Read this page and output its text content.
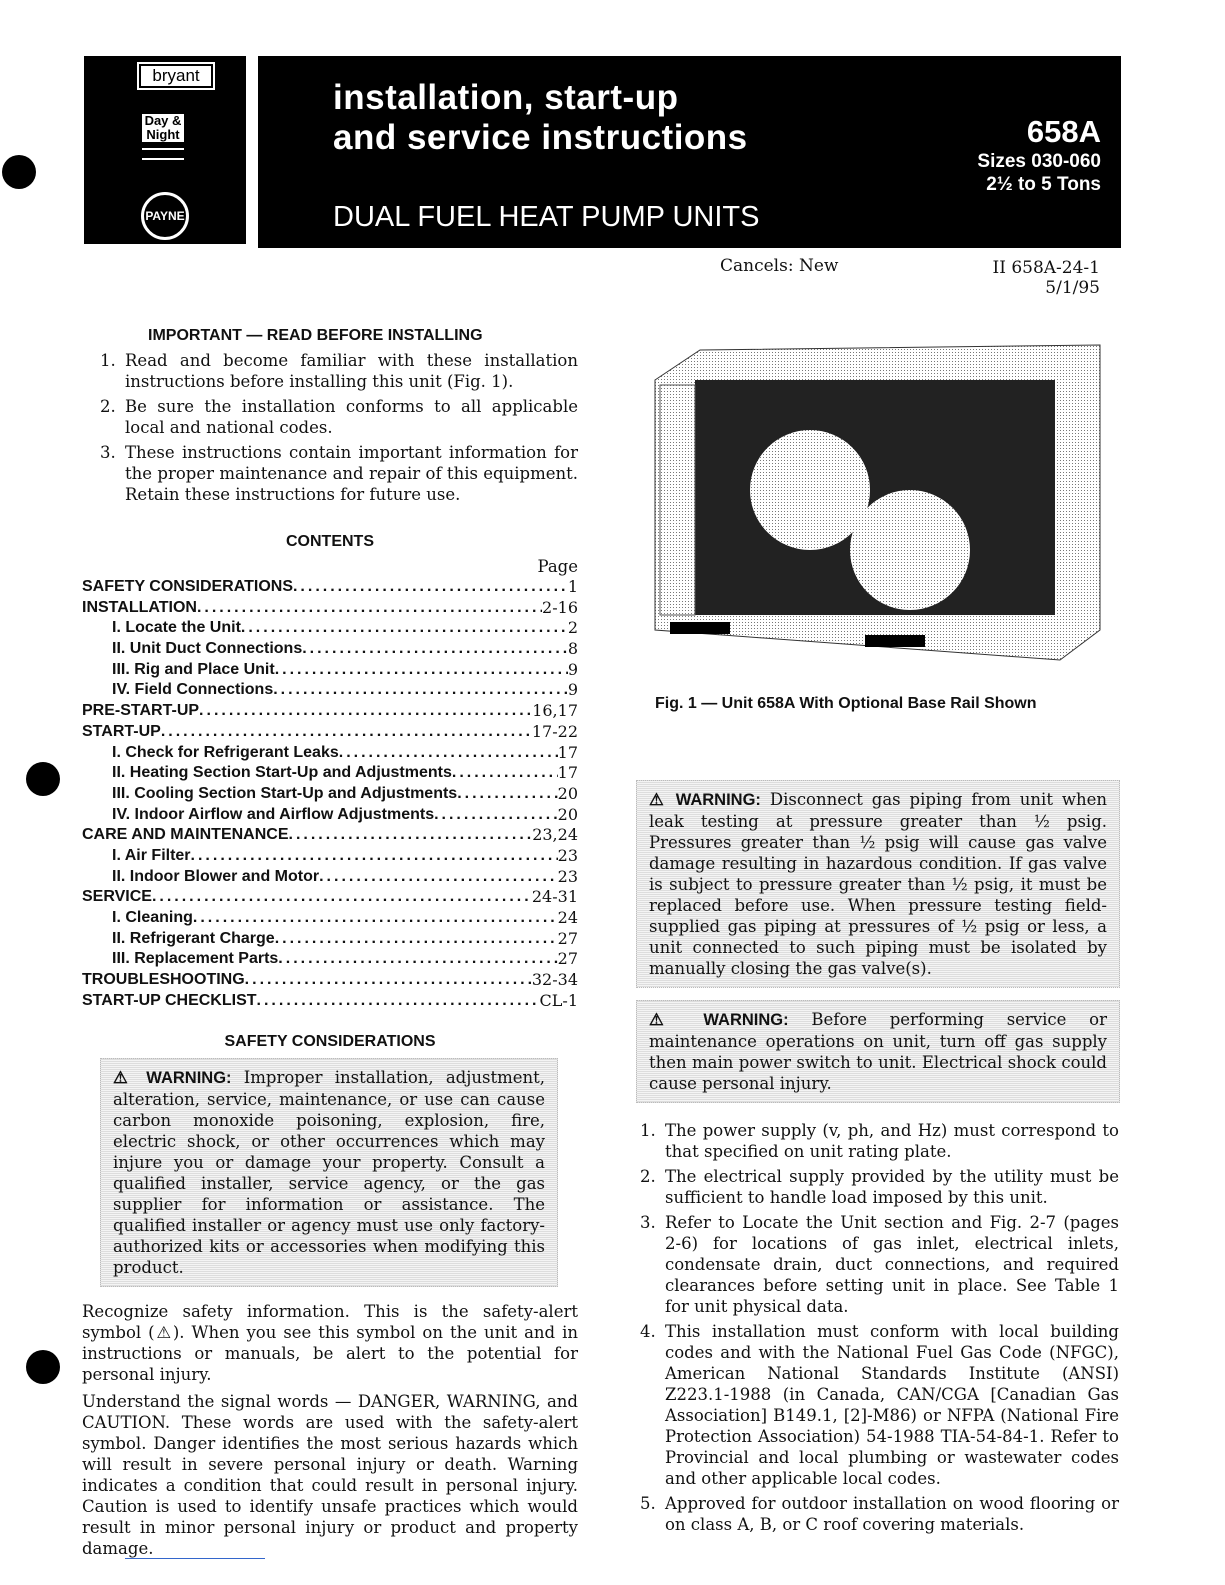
bryant
Day & Night
PAYNE
installation, start-up
and service instructions
DUAL FUEL HEAT PUMP UNITS
658A
Sizes 030-060
2½ to 5 Tons
Cancels: New	II 658A-24-1
5/1/95
IMPORTANT — READ BEFORE INSTALLING
1. Read and become familiar with these installation instructions before installing this unit (Fig. 1).
2. Be sure the installation conforms to all applicable local and national codes.
3. These instructions contain important information for the proper maintenance and repair of this equipment. Retain these instructions for future use.
CONTENTS
Page
SAFETY CONSIDERATIONS .....	1
INSTALLATION .....	2-16
I. Locate the Unit .....	2
II. Unit Duct Connections .....	8
III. Rig and Place Unit .....	9
IV. Field Connections .....	9
PRE-START-UP .....	16,17
START-UP .....	17-22
I. Check for Refrigerant Leaks .....	17
II. Heating Section Start-Up and Adjustments .....	17
III. Cooling Section Start-Up and Adjustments .....	20
IV. Indoor Airflow and Airflow Adjustments .....	20
CARE AND MAINTENANCE .....	23,24
I. Air Filter .....	23
II. Indoor Blower and Motor .....	23
SERVICE .....	24-31
I. Cleaning .....	24
II. Refrigerant Charge .....	27
III. Replacement Parts .....	27
TROUBLESHOOTING .....	32-34
START-UP CHECKLIST .....	CL-1
SAFETY CONSIDERATIONS
⚠ WARNING: Improper installation, adjustment, alteration, service, maintenance, or use can cause carbon monoxide poisoning, explosion, fire, electric shock, or other occurrences which may injure you or damage your property. Consult a qualified installer, service agency, or the gas supplier for information or assistance. The qualified installer or agency must use only factory-authorized kits or accessories when modifying this product.

Recognize safety information. This is the safety-alert symbol (⚠). When you see this symbol on the unit and in instructions or manuals, be alert to the potential for personal injury.

Understand the signal words — DANGER, WARNING, and CAUTION. These words are used with the safety-alert symbol. Danger identifies the most serious hazards which will result in severe personal injury or death. Warning indicates a condition that could result in personal injury. Caution is used to identify unsafe practices which would result in minor personal injury or product and property damage.

Fig. 1 — Unit 658A With Optional Base Rail Shown
⚠ WARNING: Disconnect gas piping from unit when leak testing at pressure greater than ½ psig. Pressures greater than ½ psig will cause gas valve damage resulting in hazardous condition. If gas valve is subject to pressure greater than ½ psig, it must be replaced before use. When pressure testing field-supplied gas piping at pressures of ½ psig or less, a unit connected to such piping must be isolated by manually closing the gas valve(s).
⚠ WARNING: Before performing service or maintenance operations on unit, turn off gas supply then main power switch to unit. Electrical shock could cause personal injury.
1. The power supply (v, ph, and Hz) must correspond to that specified on unit rating plate.
2. The electrical supply provided by the utility must be sufficient to handle load imposed by this unit.
3. Refer to Locate the Unit section and Fig. 2-7 (pages 2-6) for locations of gas inlet, electrical inlets, condensate drain, duct connections, and required clearances before setting unit in place. See Table 1 for unit physical data.
4. This installation must conform with local building codes and with the National Fuel Gas Code (NFGC), American National Standards Institute (ANSI) Z223.1-1988 (in Canada, CAN/CGA [Canadian Gas Association] B149.1, [2]-M86) or NFPA (National Fire Protection Association) 54-1988 TIA-54-84-1. Refer to Provincial and local plumbing or wastewater codes and other applicable local codes.
5. Approved for outdoor installation on wood flooring or on class A, B, or C roof covering materials.
